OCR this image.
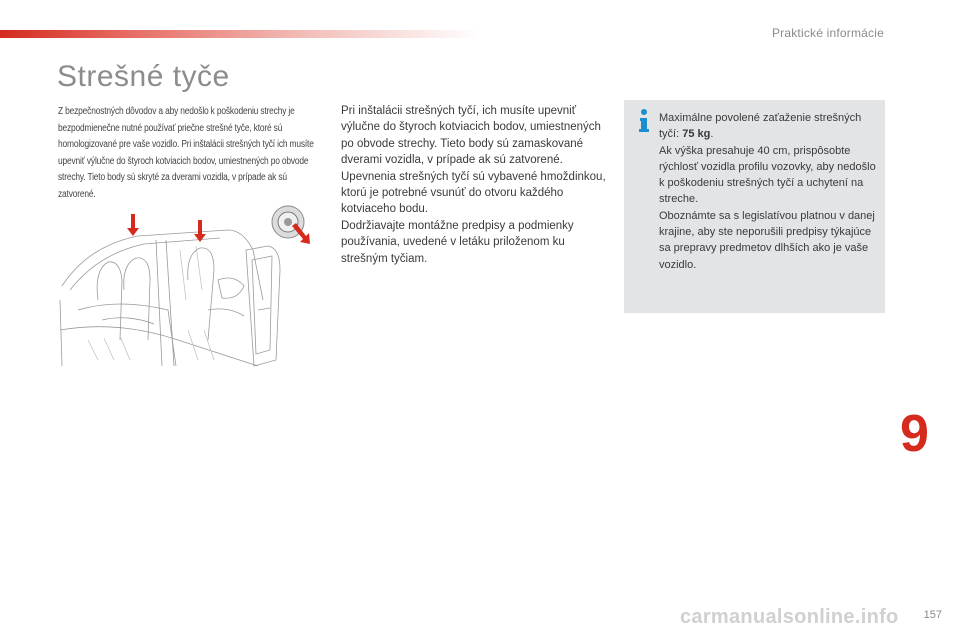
Praktické informácie
Strešné tyče
Z bezpečnostných dôvodov a aby nedošlo k poškodeniu strechy je bezpodmienečne nutné používať priečne strešné tyče, ktoré sú homologizované pre vaše vozidlo. Pri inštalácii strešných tyčí ich musíte upevniť výlučne do štyroch kotviacich bodov, umiestnených po obvode strechy. Tieto body sú skryté za dverami vozidla, v prípade ak sú zatvorené.

Pri inštalácii strešných tyčí, ich musíte upevniť výlučne do štyroch kotviacich bodov, umiestnených po obvode strechy. Tieto body sú zamaskované dverami vozidla, v prípade ak sú zatvorené.

Upevnenia strešných tyčí sú vybavené hmoždinkou, ktorú je potrebné vsunúť do otvoru každého kotviaceho bodu.

Dodržiavajte montážne predpisy a podmienky používania, uvedené v letáku priloženom ku strešným tyčiam.

Maximálne povolené zaťaženie strešných tyčí: 75 kg.

Ak výška presahuje 40 cm, prispôsobte rýchlosť vozidla profilu vozovky, aby nedošlo k poškodeniu strešných tyčí a uchytení na streche.

Oboznámte sa s legislatívou platnou v danej krajine, aby ste neporušili predpisy týkajúce sa prepravy predmetov dlhších ako je vaše vozidlo.

9
carmanualsonline.info 157
